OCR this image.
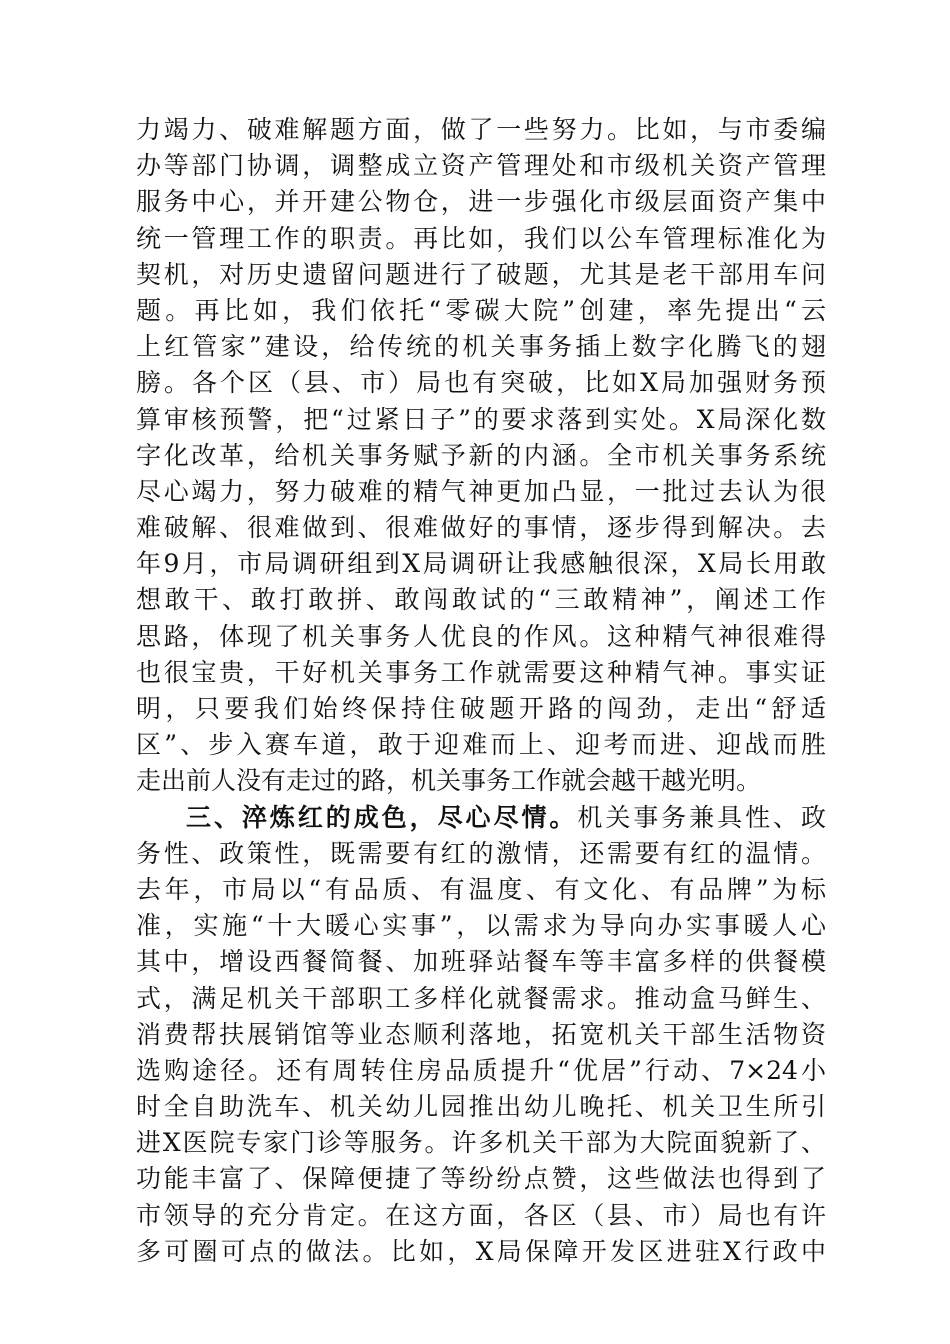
力竭力、破难解题方面，做了一些努力。比如，与市委编
办等部门协调，调整成立资产管理处和市级机关资产管理
服务中心，并开建公物仓，进一步强化市级层面资产集中
统一管理工作的职责。再比如，我们以公车管理标准化为
契机，对历史遗留问题进行了破题，尤其是老干部用车问
题。再比如，我们依托“零碳大院”创建，率先提出“云
上红管家”建设，给传统的机关事务插上数字化腾飞的翅
膀。各个区（县、市）局也有突破，比如X局加强财务预
算审核预警，把“过紧日子”的要求落到实处。X局深化数
字化改革，给机关事务赋予新的内涵。全市机关事务系统
尽心竭力，努力破难的精气神更加凸显，一批过去认为很
难破解、很难做到、很难做好的事情，逐步得到解决。去
年9月，市局调研组到X局调研让我感触很深，X局长用敢
想敢干、敢打敢拼、敢闯敢试的“三敢精神”，阐述工作
思路，体现了机关事务人优良的作风。这种精气神很难得
也很宝贵，干好机关事务工作就需要这种精气神。事实证
明，只要我们始终保持住破题开路的闯劲，走出“舒适
区”、步入赛车道，敢于迎难而上、迎考而进、迎战而胜
走出前人没有走过的路，机关事务工作就会越干越光明。
三、淬炼红的成色，尽心尽情。机关事务兼具性、政
务性、政策性，既需要有红的激情，还需要有红的温情。
去年，市局以“有品质、有温度、有文化、有品牌”为标
准，实施“十大暖心实事”，以需求为导向办实事暖人心
其中，增设西餐简餐、加班驿站餐车等丰富多样的供餐模
式，满足机关干部职工多样化就餐需求。推动盒马鲜生、
消费帮扶展销馆等业态顺利落地，拓宽机关干部生活物资
选购途径。还有周转住房品质提升“优居”行动、7×24小
时全自助洗车、机关幼儿园推出幼儿晚托、机关卫生所引
进X医院专家门诊等服务。许多机关干部为大院面貌新了、
功能丰富了、保障便捷了等纷纷点赞，这些做法也得到了
市领导的充分肯定。在这方面，各区（县、市）局也有许
多可圈可点的做法。比如，X局保障开发区进驻X行政中
